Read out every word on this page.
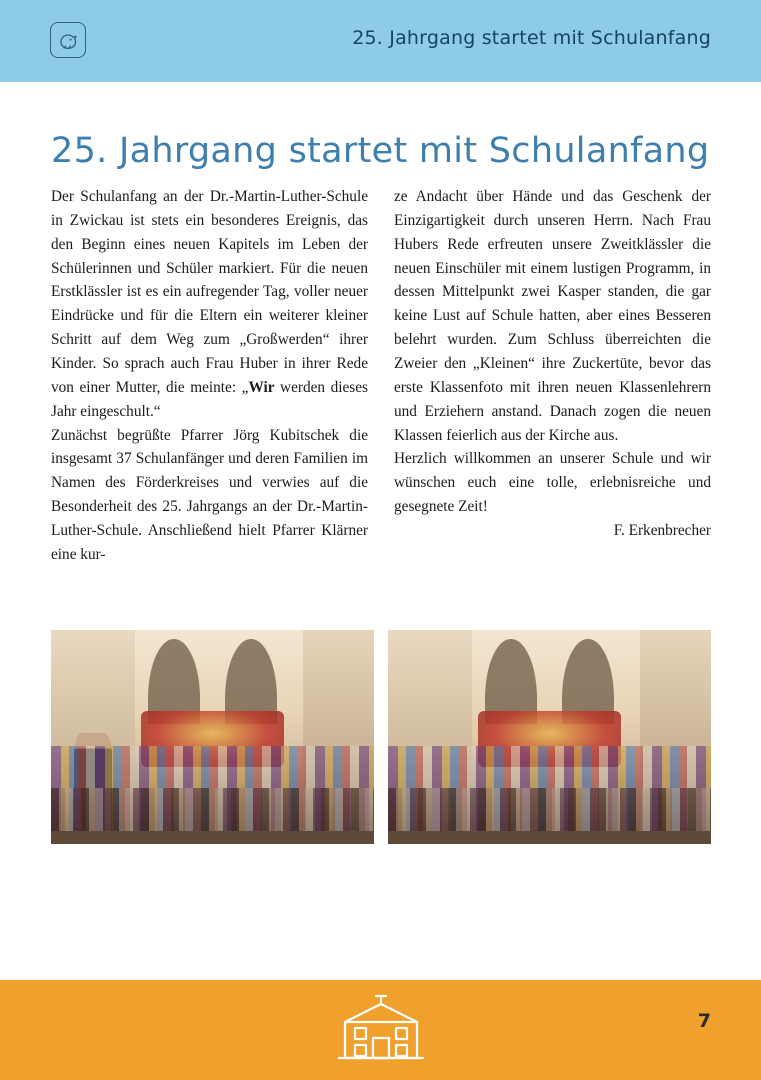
25. Jahrgang startet mit Schulanfang
25. Jahrgang startet mit Schulanfang

Der Schulanfang an der Dr.-Martin-Luther-Schule in Zwickau ist stets ein besonderes Ereignis, das den Beginn eines neuen Kapitels im Leben der Schülerinnen und Schüler markiert. Für die neuen Erstklässler ist es ein aufregender Tag, voller neuer Eindrücke und für die Eltern ein weiterer kleiner Schritt auf dem Weg zum „Großwerden“ ihrer Kinder. So sprach auch Frau Huber in ihrer Rede von einer Mutter, die meinte: „Wir werden dieses Jahr eingeschult.“

Zunächst begrüßte Pfarrer Jörg Kubitschek die insgesamt 37 Schulanfänger und deren Familien im Namen des Förderkreises und verwies auf die Besonderheit des 25. Jahrgangs an der Dr.-Martin-Luther-Schule. Anschließend hielt Pfarrer Klärner eine kur-

ze Andacht über Hände und das Geschenk der Einzigartigkeit durch unseren Herrn. Nach Frau Hubers Rede erfreuten unsere Zweitklässler die neuen Einschüler mit einem lustigen Programm, in dessen Mittelpunkt zwei Kasper standen, die gar keine Lust auf Schule hatten, aber eines Besseren belehrt wurden. Zum Schluss überreichten die Zweier den „Kleinen“ ihre Zuckertüte, bevor das erste Klassenfoto mit ihren neuen Klassenlehrern und Erziehern anstand. Danach zogen die neuen Klassen feierlich aus der Kirche aus.

Herzlich willkommen an unserer Schule und wir wünschen euch eine tolle, erlebnisreiche und gesegnete Zeit!

F. Erkenbrecher

7
